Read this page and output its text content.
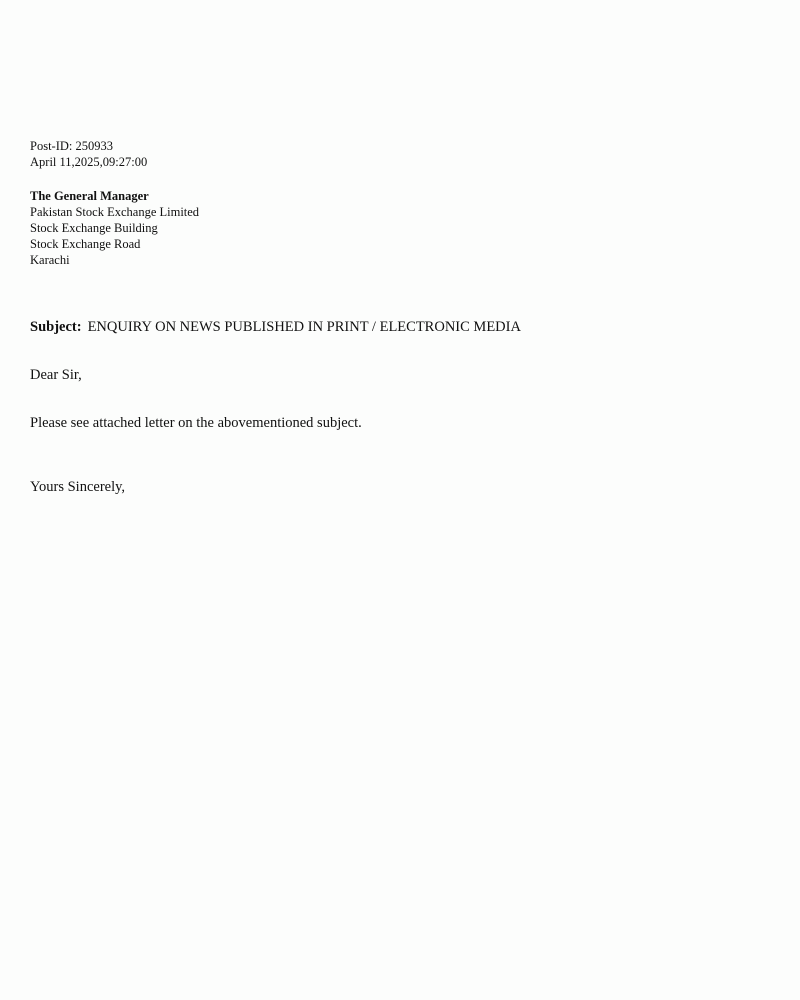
Post-ID: 250933
April 11,2025,09:27:00
The General Manager
Pakistan Stock Exchange Limited
Stock Exchange Building
Stock Exchange Road
Karachi
Subject: ENQUIRY ON NEWS PUBLISHED IN PRINT / ELECTRONIC MEDIA
Dear Sir,
Please see attached letter on the abovementioned subject.
Yours Sincerely,
